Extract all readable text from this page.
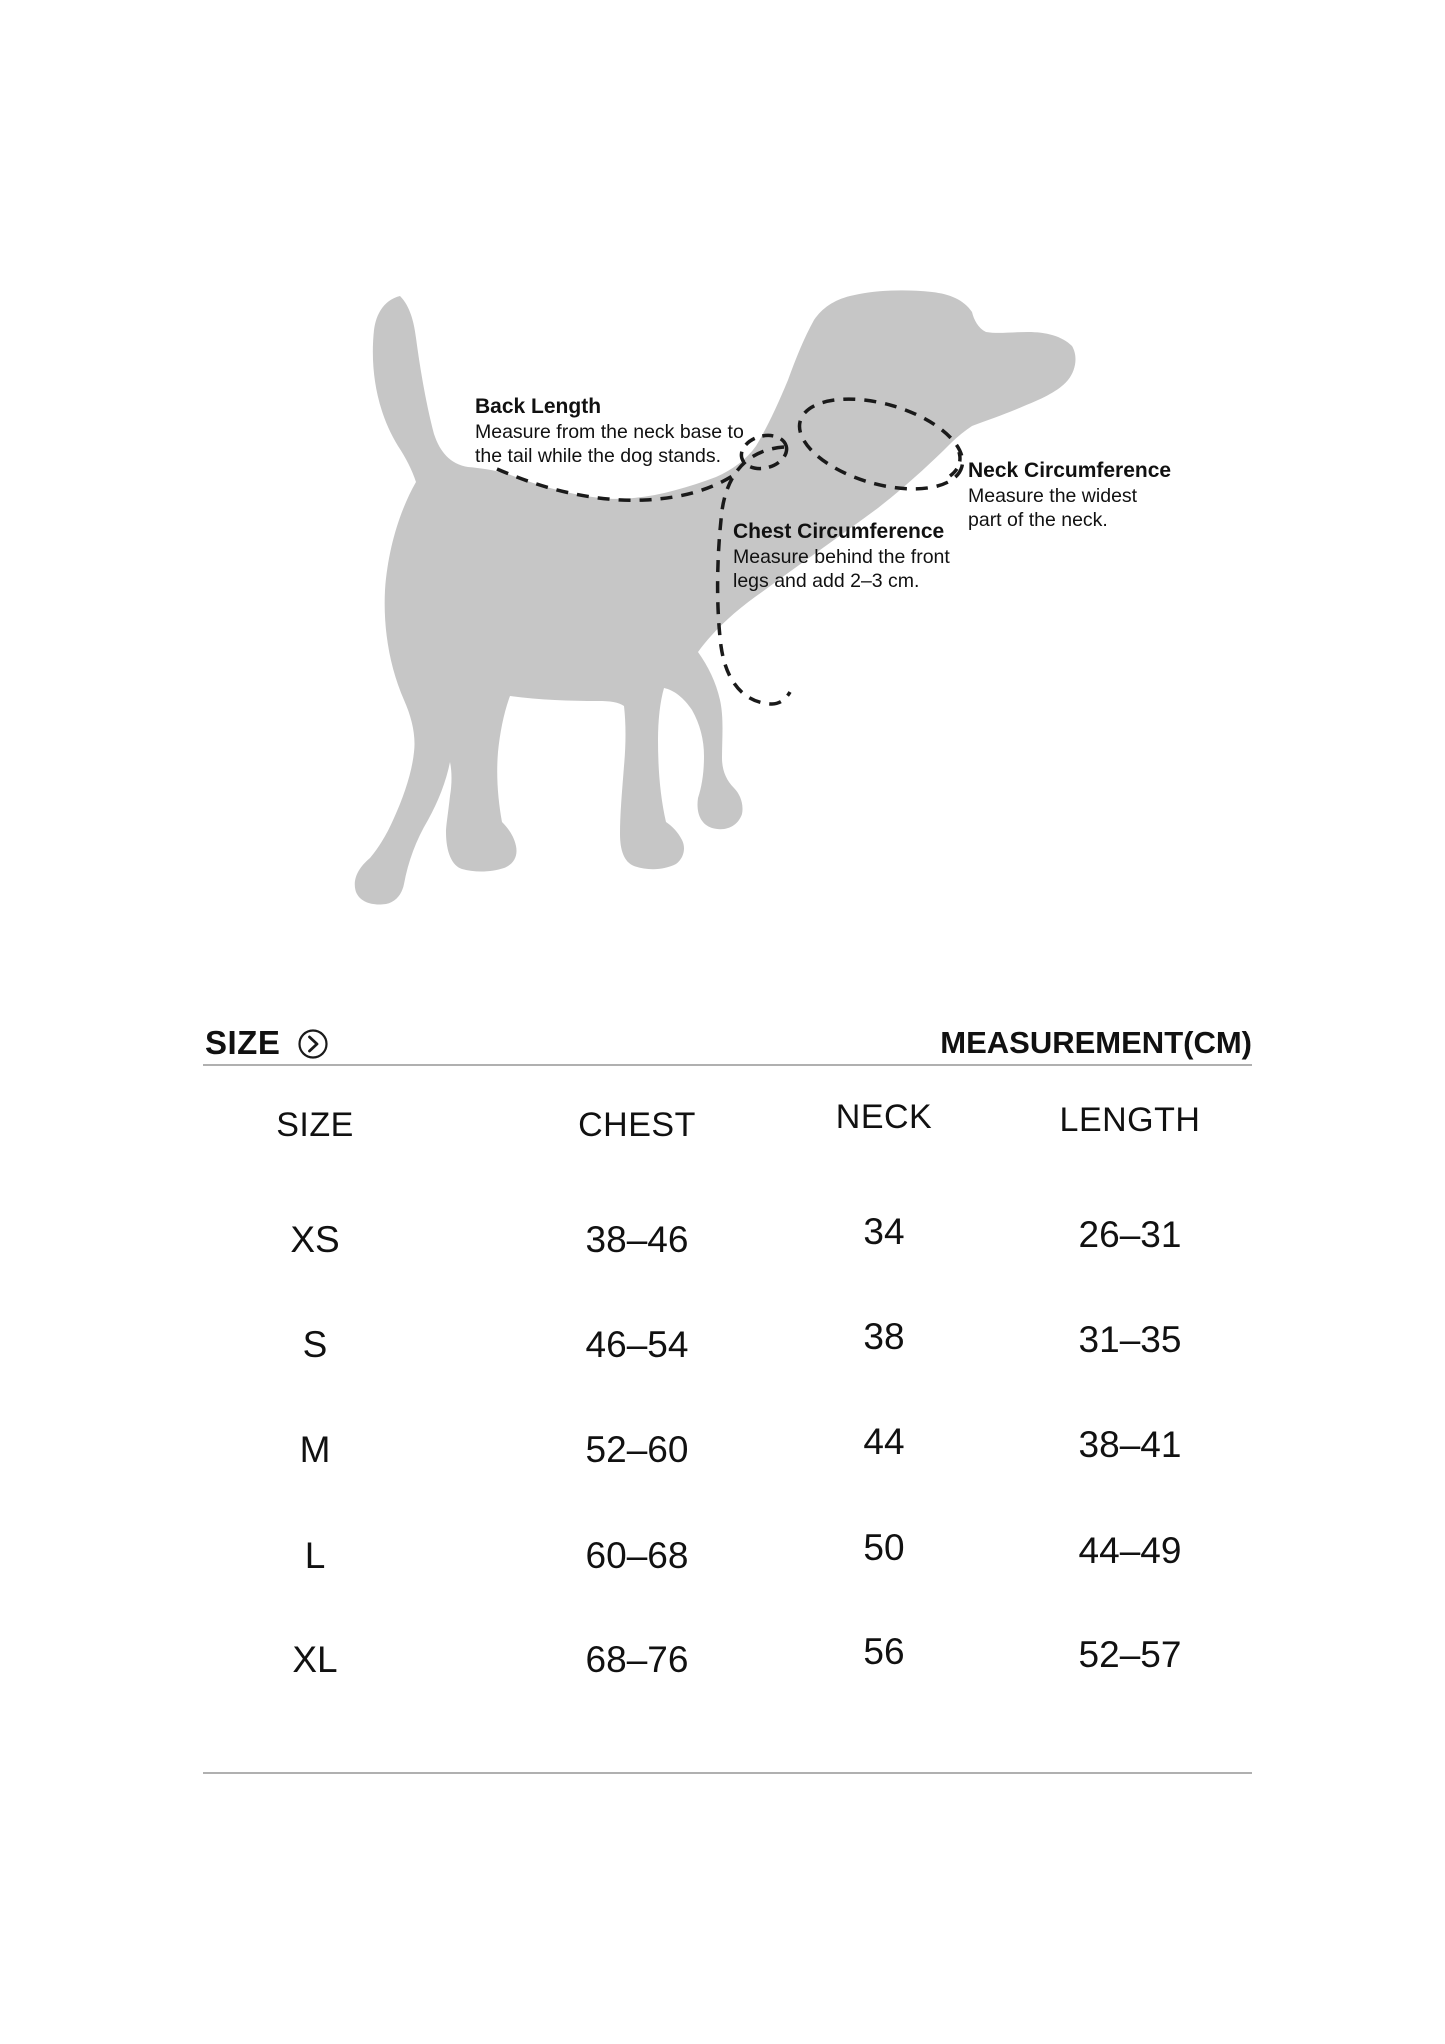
Back Length
Measure from the neck base to
the tail while the dog stands.
Chest Circumference
Measure behind the front
legs and add 2–3 cm.
Neck Circumference
Measure the widest
part of the neck.
SIZE	MEASUREMENT(CM)
SIZE	CHEST	NECK	LENGTH
XS	38–46	34	26–31
S	46–54	38	31–35
M	52–60	44	38–41
L	60–68	50	44–49
XL	68–76	56	52–57
